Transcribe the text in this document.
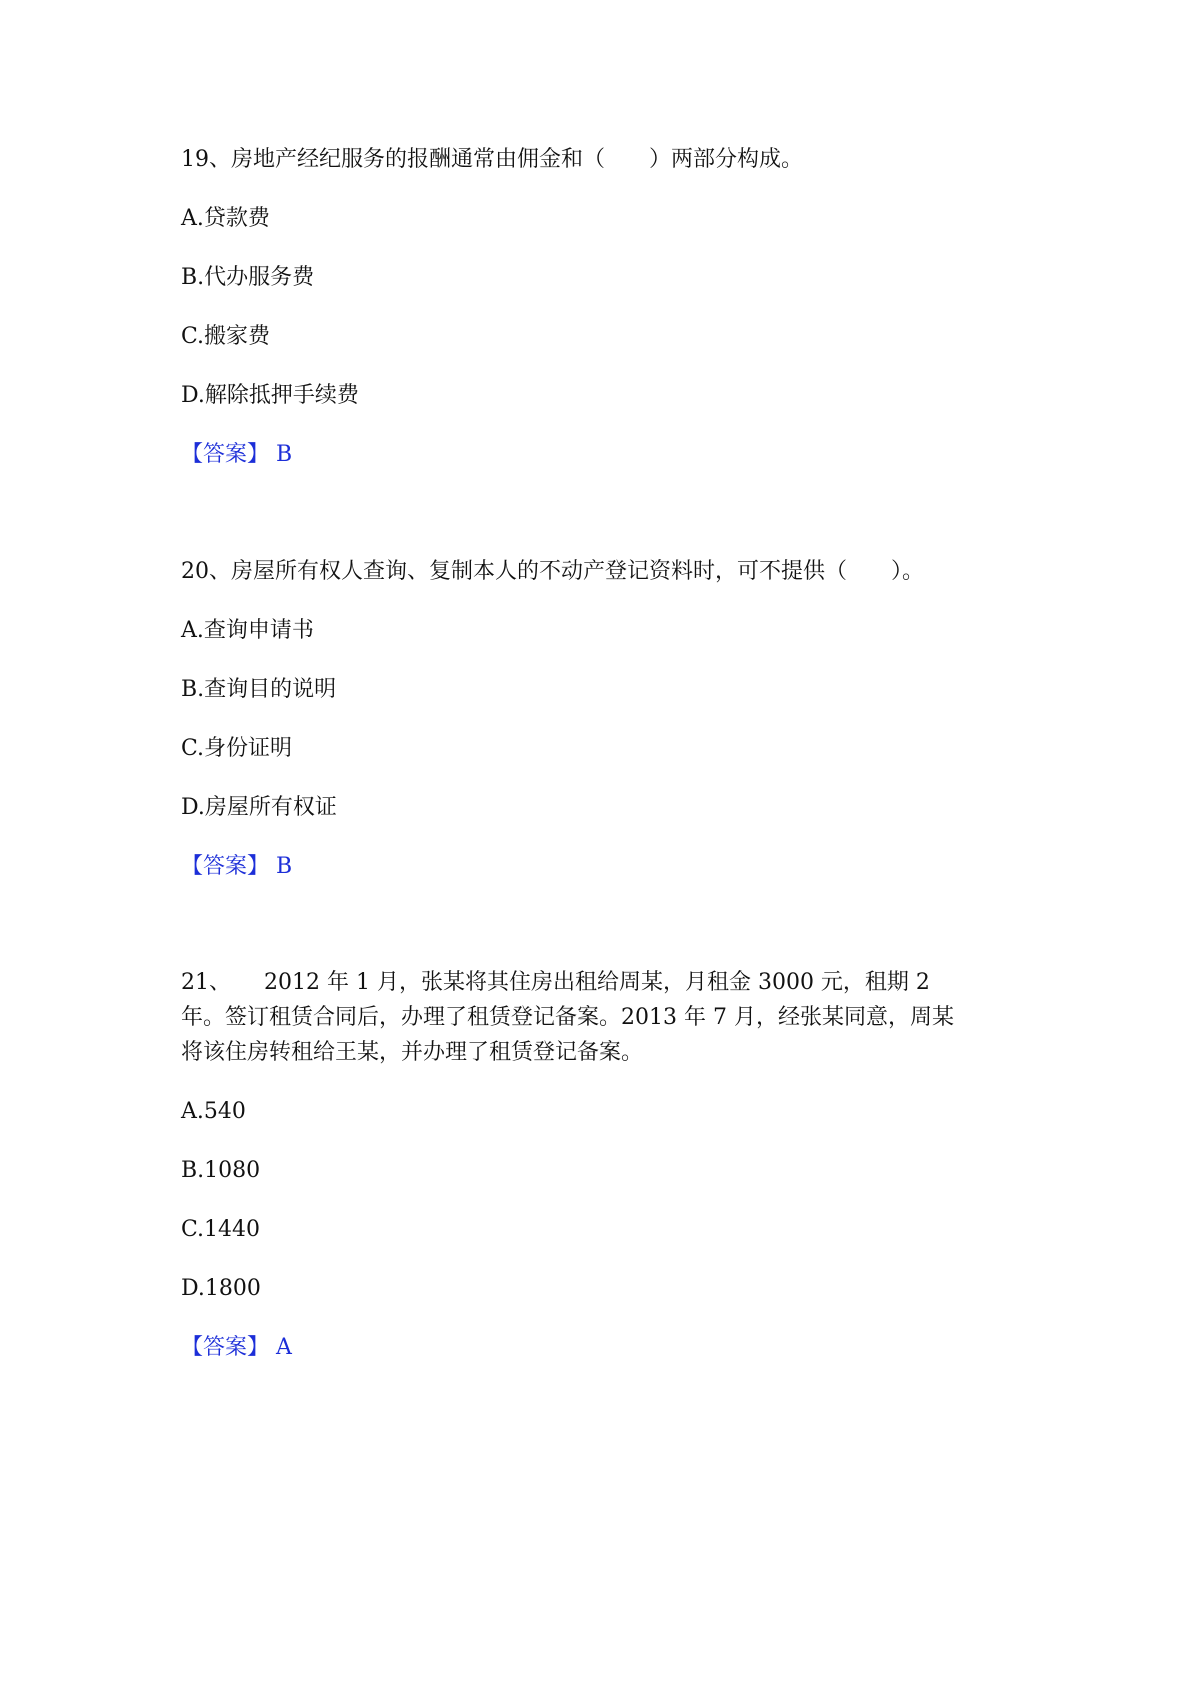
19、房地产经纪服务的报酬通常由佣金和（　　）两部分构成。
A.贷款费
B.代办服务费
C.搬家费
D.解除抵押手续费
【答案】 B
20、房屋所有权人查询、复制本人的不动产登记资料时，可不提供（　　）。
A.查询申请书
B.查询目的说明
C.身份证明
D.房屋所有权证
【答案】 B
21、　　2012 年 1 月，张某将其住房出租给周某，月租金 3000 元，租期 2
年。签订租赁合同后，办理了租赁登记备案。2013 年 7 月，经张某同意，周某
将该住房转租给王某，并办理了租赁登记备案。
A.540
B.1080
C.1440
D.1800
【答案】 A
